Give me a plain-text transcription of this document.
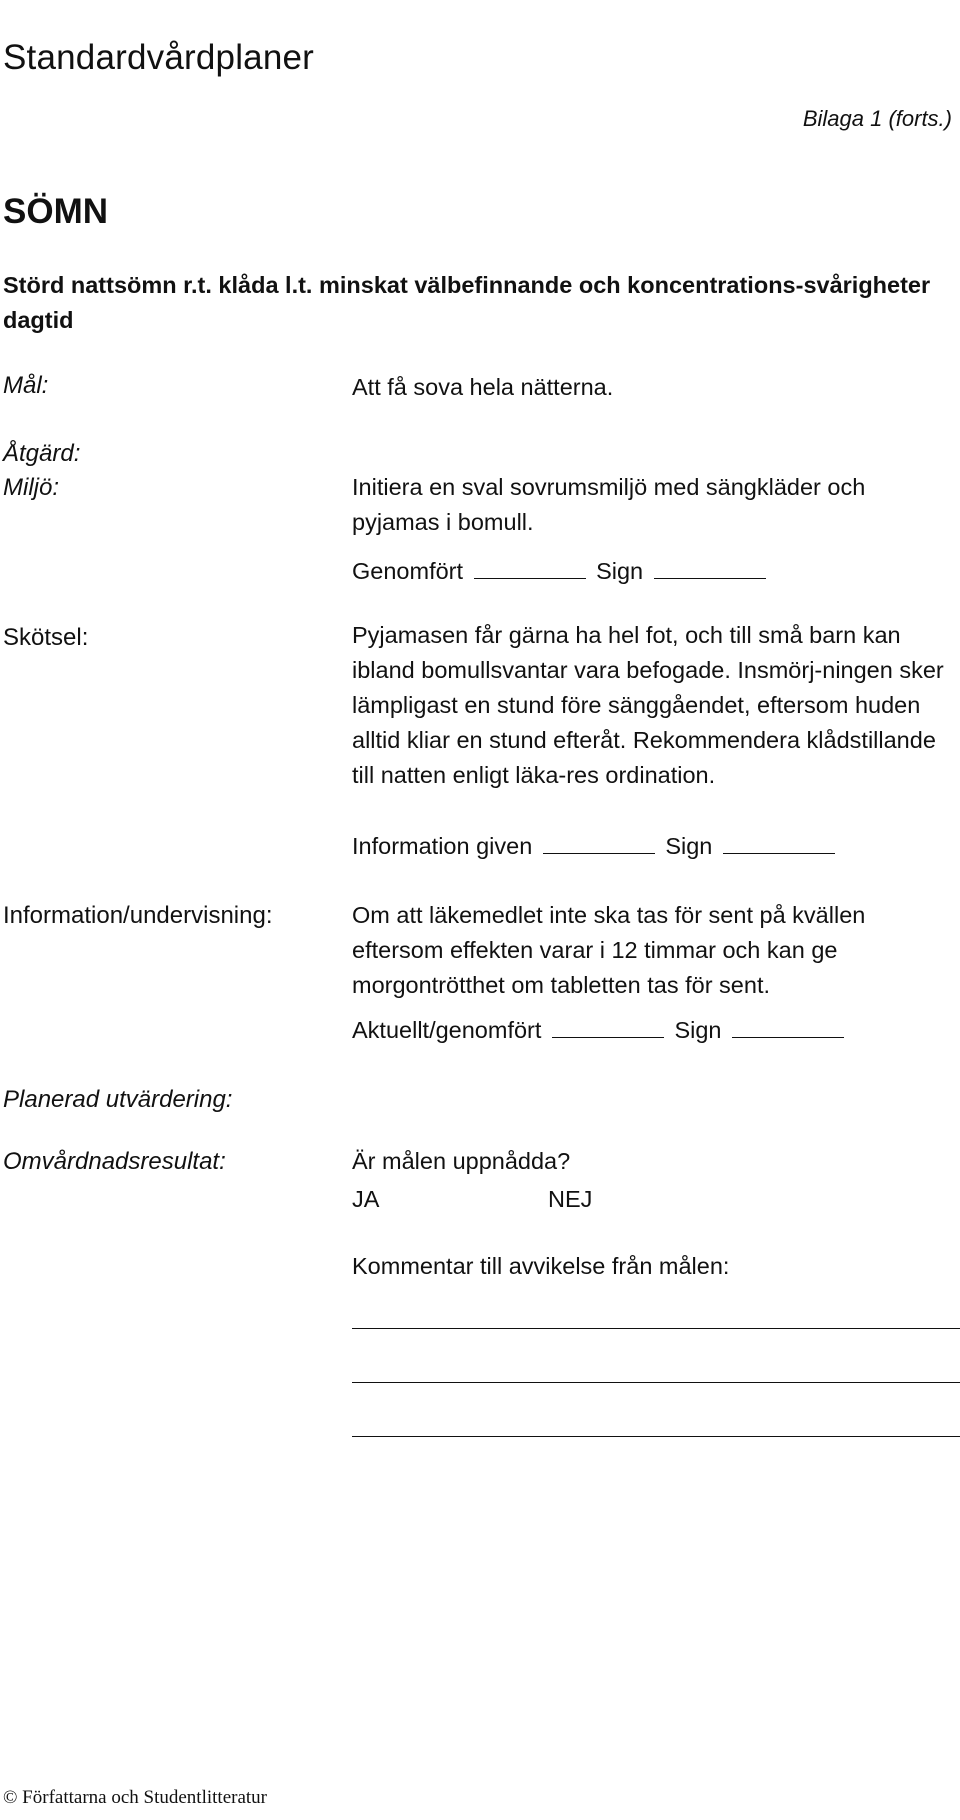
Standardvårdplaner
Bilaga 1 (forts.)
SÖMN
Störd nattsömn r.t. klåda l.t. minskat välbefinnande och koncentrations-svårigheter dagtid
Mål:	Att få sova hela nätterna.
Åtgärd:
Miljö:	Initiera en sval sovrumsmiljö med sängkläder och pyjamas i bomull.
Genomfört	Sign
Skötsel:	Pyjamasen får gärna ha hel fot, och till små barn kan ibland bomullsvantar vara befogade. Insmörj-ningen sker lämpligast en stund före sänggåendet, eftersom huden alltid kliar en stund efteråt. Rekommendera klådstillande till natten enligt läka-res ordination.
Information given	Sign
Information/undervisning:	Om att läkemedlet inte ska tas för sent på kvällen eftersom effekten varar i 12 timmar och kan ge morgontrötthet om tabletten tas för sent.
Aktuellt/genomfört	Sign
Planerad utvärdering:
Omvårdnadsresultat:	Är målen uppnådda?
JA	NEJ
Kommentar till avvikelse från målen:
© Författarna och Studentlitteratur
